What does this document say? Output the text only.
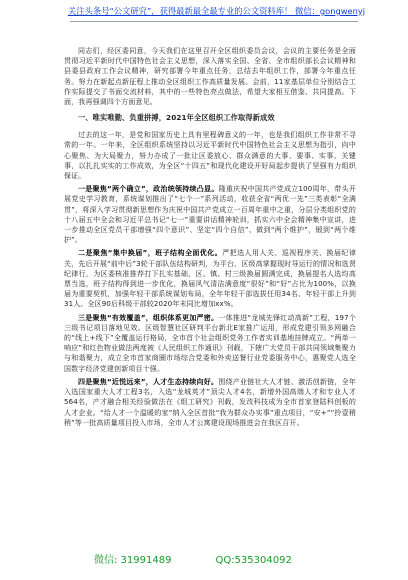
关注头条号“公文研究”，获得最新最全最专业的公文资料库！ 微信：gongwenyj

同志们，经区委同意，今天我们在这里召开全区组织委员会议，会议的主要任务是全面贯彻习近平新时代中国特色社会主义思想，深入落实全国、全省、全市组织部长会议精神和县委县政府工作会议精神，研究部署今年重点任务，总结去年组织工作，部署今年重点任务。努力在新起点新征程上推动全区组织工作高质量发展。会前，11家基层单位分别结合工作实际提交了书面交流材料，其中的一些特色亮点做法，希望大家相互借鉴、共同提高。下面，我再强调四个方面意见。

一、唯实唯勤、负重拼搏，2021年全区组织工作取得新成效

过去的这一年，是党和国家历史上具有里程碑意义的一年，也是我们组织工作非常不寻常的一年。一年来，全区组织系统坚持以习近平新时代中国特色社会主义思想为指引，向中心聚焦、为大局聚力，努力办成了一批让区委放心、群众满意的大事、要事、实事。关键事，以扎扎实实的工作成效，为全区“十四五”和现代化建设开好局起步提供了坚强有力组织保证。

一是聚焦“两个确立”，政治统领持续凸显。隆重庆祝中国共产党成立100周年，带头开展党史学习教育，系统谋划推出了“七个一”系列活动，收获全省“两优一先”三类表彰“全满贯”，将深入学习贯彻新思想作为庆祝中国共产党成立一百周年重中之重，分层分类组织党的十八届五中全会和习近平总书记“七一”重要讲话精神轮训，抓实六中全会精神集中宣讲，进一步推动全区党员干部增强“四个意识”、坚定“四个自信”、做到“两个维护”，锻到“两个维护”。

二是聚焦“集中换届”，班子结构全面优化。严把选人用人关、巡视程序关、换届纪律关，先后开展“前中后”3轮干部队伍结构研判，为平台、区级高掌握现时导运行的情况和选贤纪律行，为区委核准推荐打下扎实基础，区、镇、村三级换届圆满完成，换届提名人选均高票当选，班子结构得到进一步优化，换届风气清洁满意度“很好”和“好”占比为100%，以换届为重要契机，加强年轻干部系统谋划布局，全年年轻干部选拔任用34名、年轻干部上升到31人。全区90后科级干部较2020年末同比增加xx%。

三是聚焦“有效覆盖”，组织体系更加严密。一体推进“龙城先锋红动高新”工程，197个三级书记项目落地见效。区级智慧社区研判平台新北E家推广运用，形成党建引领多网融合的“线上+线下”全覆盖运行格局，全市首个社会组织党务工作者实训基地挂牌成立。“两单一响应”和红色物业做法两度被《人民组织工作通讯》刊载，下辖广大党员干部共同领域集聚力与和谐聚力，成立全市首家商圈市场综合党委和外卖送餐行业党委服务中心，惠聚党人选全国数字经济党建创新项目十强。

四是聚焦“近悦远来”，人才生态持续向好。围绕产业链社大人才链、激活创新链，全年入选国家重大人才工程3名，入选“龙城英才”顶尖人才4名，新增外国高端人才和专业人才564名，产才融合相关经验做法在《组工研究》刊载，发改科技成为全市首家登陆科创板的人才企业。“给人才一个温暖的家”纳入全区首批“我为群众办实事”重点项目，“安+”“拎壹稍稍”等一批高质量项目投入市场，全市人才公寓建设现场推进会在我区召开。

微信: 31991489	QQ:535304092
